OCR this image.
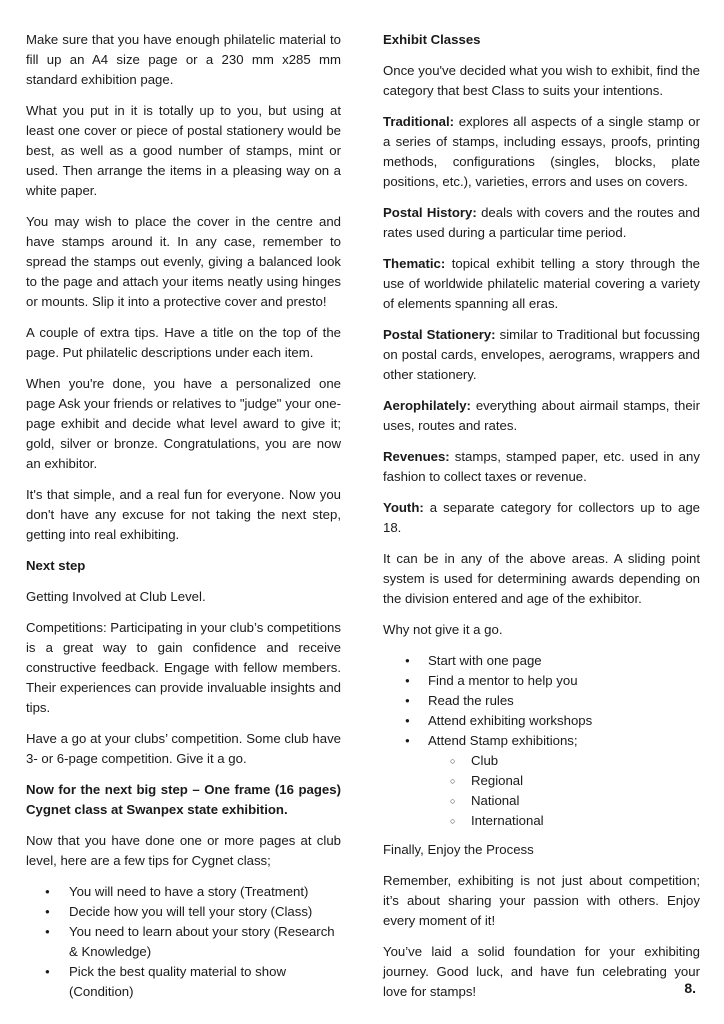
Make sure that you have enough philatelic material to fill up an A4 size page or a 230 mm x285 mm standard exhibition page.

What you put in it is totally up to you, but using at least one cover or piece of postal stationery would be best, as well as a good number of stamps, mint or used. Then arrange the items in a pleasing way on a white paper.

You may wish to place the cover in the centre and have stamps around it. In any case, remember to spread the stamps out evenly, giving a balanced look to the page and attach your items neatly using hinges or mounts. Slip it into a protective cover and presto!

A couple of extra tips. Have a title on the top of the page. Put philatelic descriptions under each item.

When you're done, you have a personalized one page Ask your friends or relatives to "judge" your one-page exhibit and decide what level award to give it; gold, silver or bronze. Congratulations, you are now an exhibitor.

It's that simple, and a real fun for everyone. Now you don't have any excuse for not taking the next step, getting into real exhibiting.

Next step

Getting Involved at Club Level.

Competitions: Participating in your club’s competitions is a great way to gain confidence and receive constructive feedback. Engage with fellow members. Their experiences can provide invaluable insights and tips.

Have a go at your clubs’ competition. Some club have 3- or 6-page competition. Give it a go.

Now for the next big step – One frame (16 pages) Cygnet class at Swanpex state exhibition.

Now that you have done one or more pages at club level, here are a few tips for Cygnet class;

● You will need to have a story (Treatment)
● Decide how you will tell your story (Class)
● You need to learn about your story (Research & Knowledge)
● Pick the best quality material to show (Condition)

Exhibit Classes

Once you've decided what you wish to exhibit, find the category that best Class to suits your intentions.

Traditional: explores all aspects of a single stamp or a series of stamps, including essays, proofs, printing methods, configurations (singles, blocks, plate positions, etc.), varieties, errors and uses on covers.

Postal History: deals with covers and the routes and rates used during a particular time period.

Thematic: topical exhibit telling a story through the use of worldwide philatelic material covering a variety of elements spanning all eras.

Postal Stationery: similar to Traditional but focussing on postal cards, envelopes, aerograms, wrappers and other stationery.

Aerophilately: everything about airmail stamps, their uses, routes and rates.

Revenues: stamps, stamped paper, etc. used in any fashion to collect taxes or revenue.

Youth: a separate category for collectors up to age 18.

It can be in any of the above areas. A sliding point system is used for determining awards depending on the division entered and age of the exhibitor.

Why not give it a go.

● Start with one page
● Find a mentor to help you
● Read the rules
● Attend exhibiting workshops
● Attend Stamp exhibitions;
○ Club
○ Regional
○ National
○ International

Finally, Enjoy the Process

Remember, exhibiting is not just about competition; it’s about sharing your passion with others. Enjoy every moment of it!

You’ve laid a solid foundation for your exhibiting journey. Good luck, and have fun celebrating your love for stamps!	8.
